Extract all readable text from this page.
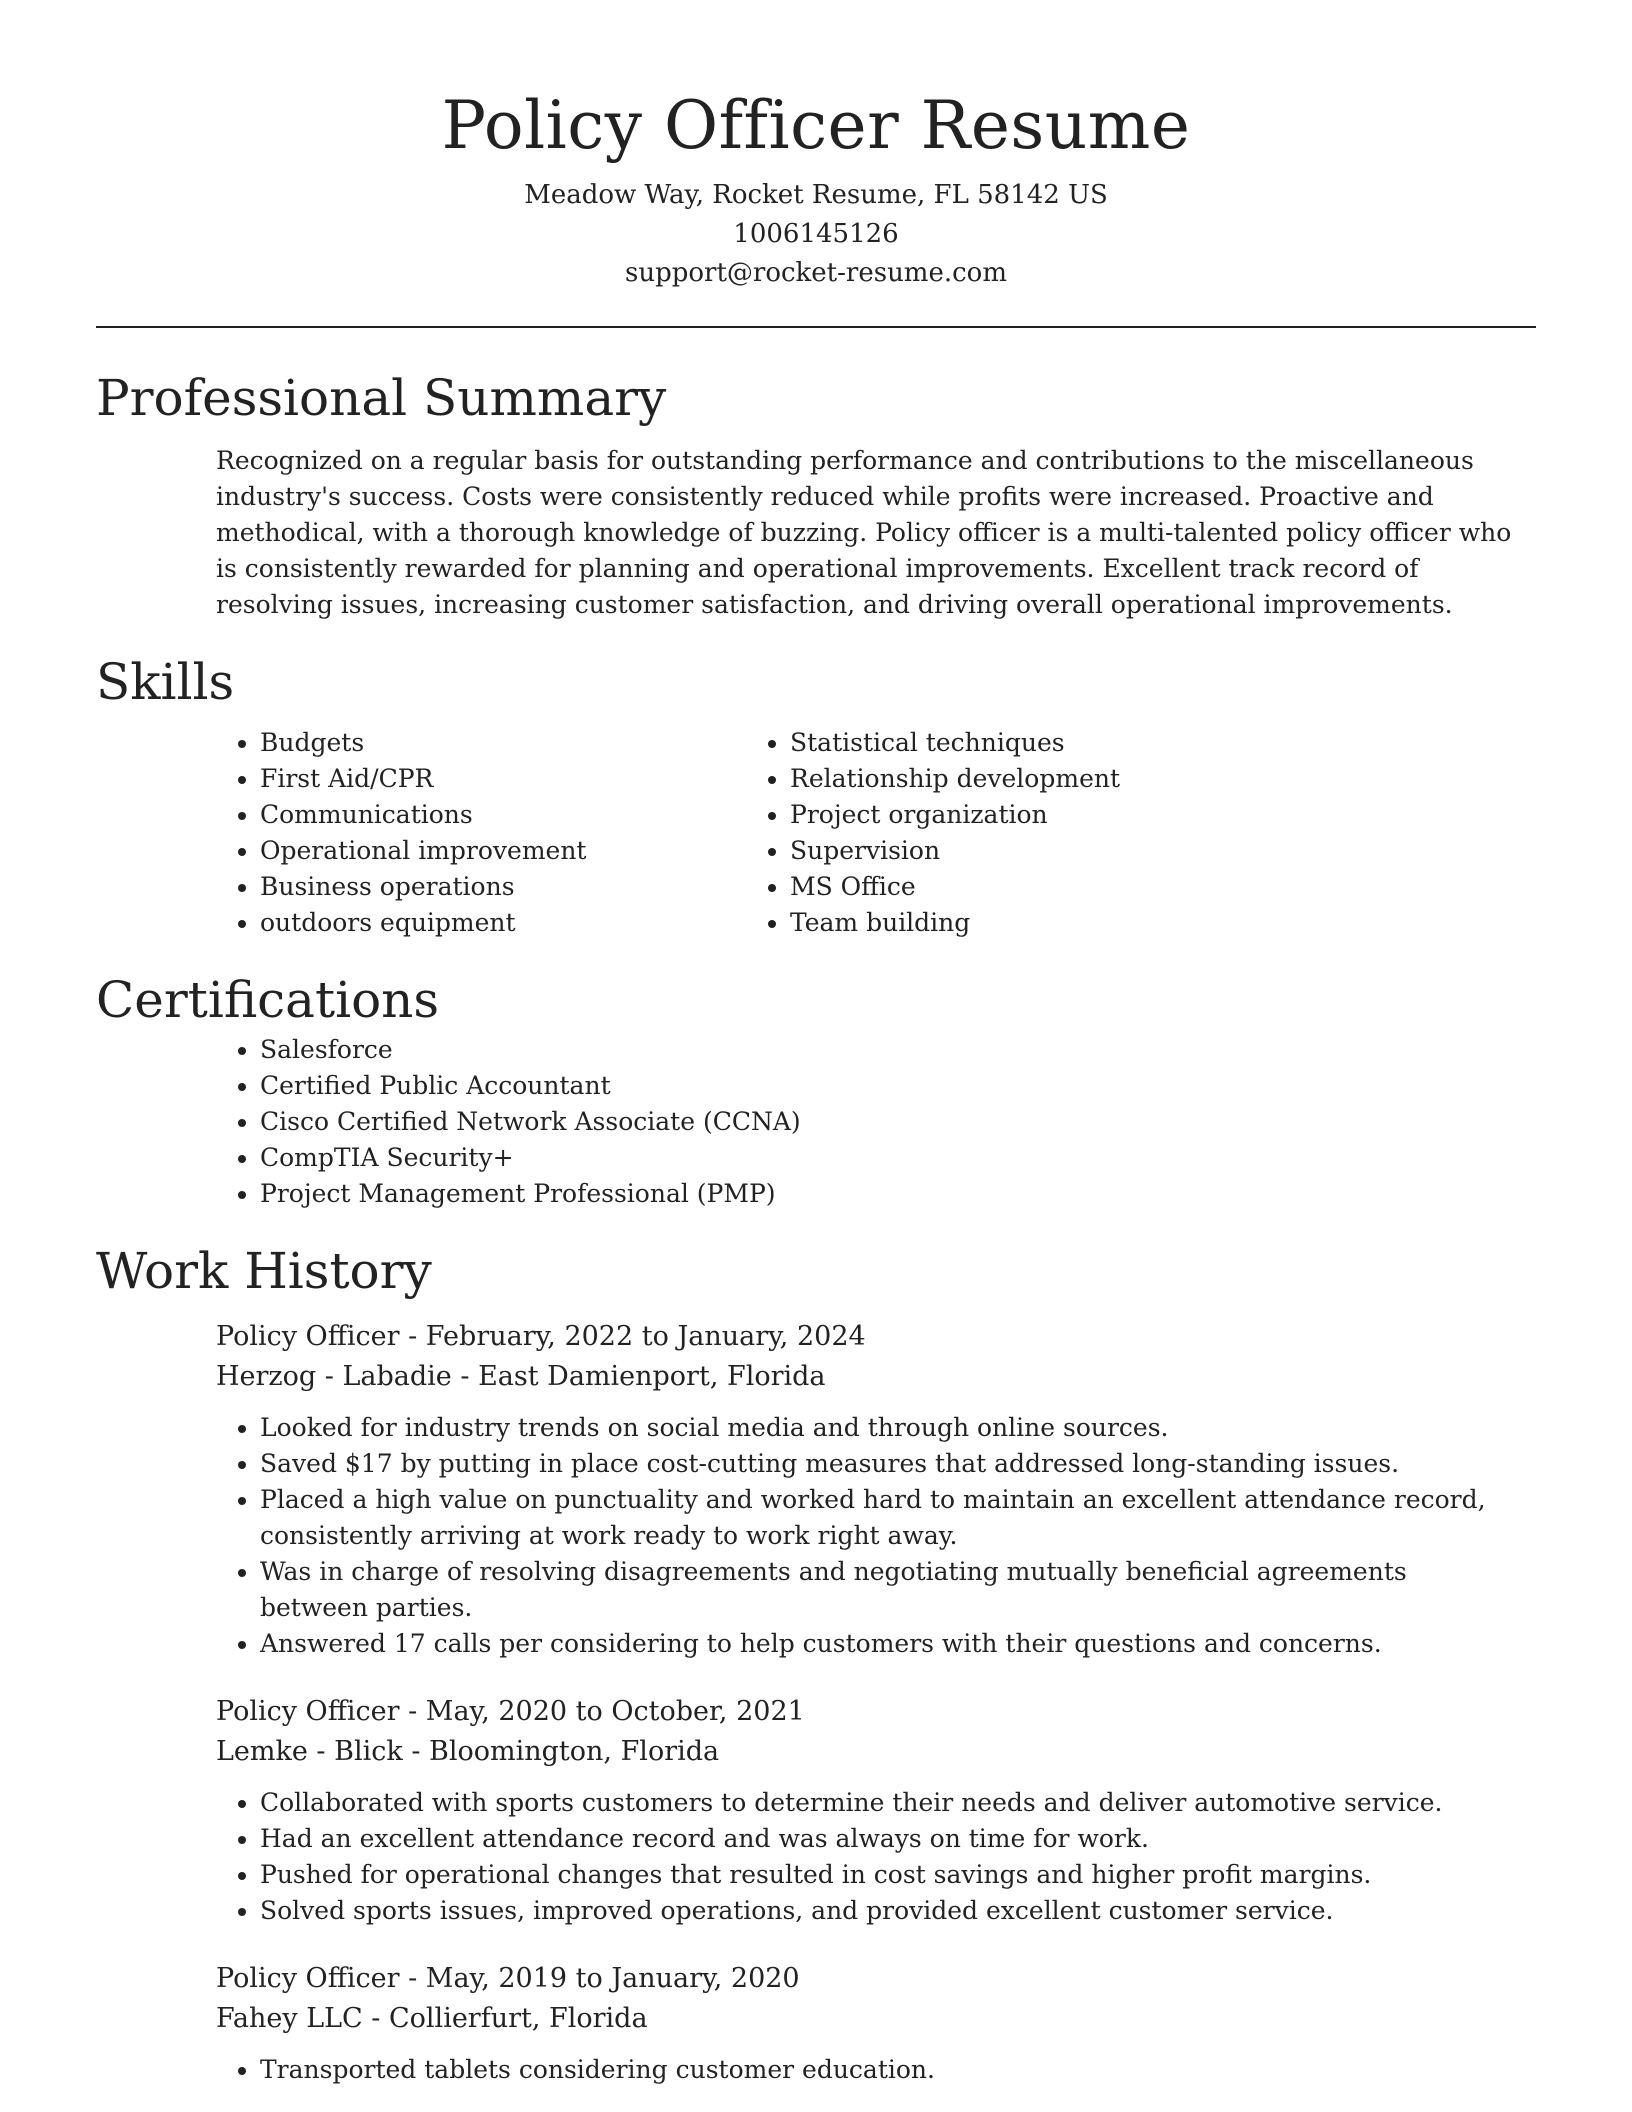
Policy Officer Resume
Meadow Way, Rocket Resume, FL 58142 US
1006145126
support@rocket-resume.com
Professional Summary

Recognized on a regular basis for outstanding performance and contributions to the miscellaneous industry's success. Costs were consistently reduced while profits were increased. Proactive and methodical, with a thorough knowledge of buzzing. Policy officer is a multi-talented policy officer who is consistently rewarded for planning and operational improvements. Excellent track record of resolving issues, increasing customer satisfaction, and driving overall operational improvements.

Skills
• Budgets
• First Aid/CPR
• Communications
• Operational improvement
• Business operations
• outdoors equipment
• Statistical techniques
• Relationship development
• Project organization
• Supervision
• MS Office
• Team building
Certifications
• Salesforce
• Certified Public Accountant
• Cisco Certified Network Associate (CCNA)
• CompTIA Security+
• Project Management Professional (PMP)
Work History
Policy Officer - February, 2022 to January, 2024
Herzog - Labadie - East Damienport, Florida
• Looked for industry trends on social media and through online sources.
• Saved $17 by putting in place cost-cutting measures that addressed long-standing issues.
• Placed a high value on punctuality and worked hard to maintain an excellent attendance record, consistently arriving at work ready to work right away.
• Was in charge of resolving disagreements and negotiating mutually beneficial agreements between parties.
• Answered 17 calls per considering to help customers with their questions and concerns.
Policy Officer - May, 2020 to October, 2021
Lemke - Blick - Bloomington, Florida
• Collaborated with sports customers to determine their needs and deliver automotive service.
• Had an excellent attendance record and was always on time for work.
• Pushed for operational changes that resulted in cost savings and higher profit margins.
• Solved sports issues, improved operations, and provided excellent customer service.
Policy Officer - May, 2019 to January, 2020
Fahey LLC - Collierfurt, Florida
• Transported tablets considering customer education.
